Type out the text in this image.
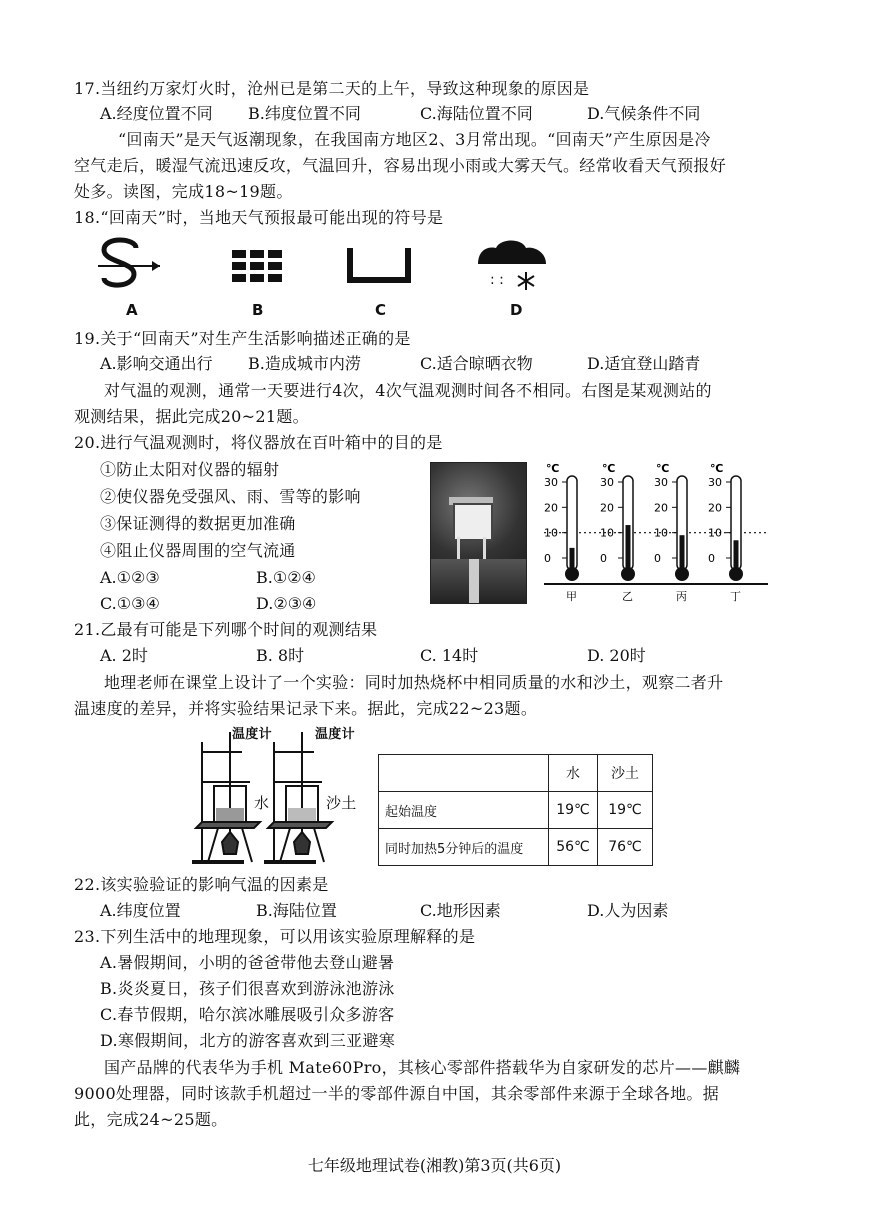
17.当纽约万家灯火时，沧州已是第二天的上午，导致这种现象的原因是
A.经度位置不同 B.纬度位置不同	C.海陆位置不同	D.气候条件不同
“回南天”是天气返潮现象，在我国南方地区2、3月常出现。“回南天”产生原因是冷
空气走后，暖湿气流迅速反攻，气温回升，容易出现小雨或大雾天气。经常收看天气预报好
处多。读图，完成18~19题。
18.“回南天”时，当地天气预报最可能出现的符号是
: :
A	B	C	D
19.关于“回南天”对生产生活影响描述正确的是
A.影响交通出行 B.造成城市内涝	C.适合晾晒衣物	D.适宜登山踏青
对气温的观测，通常一天要进行4次，4次气温观测时间各不相同。右图是某观测站的
观测结果，据此完成20~21题。
20.进行气温观测时，将仪器放在百叶箱中的目的是
①防止太阳对仪器的辐射
②使仪器免受强风、雨、雪等的影响
③保证测得的数据更加准确
④阻止仪器周围的空气流通
A.①②③	B.①②④
C.①③④	D.②③④
℃
30
20
10
0
甲
℃
30
20
10
0
乙
℃
30
20
10
0
丙
℃
30
20
10
0
丁
21.乙最有可能是下列哪个时间的观测结果
A. 2时	B. 8时	C. 14时	D. 20时
地理老师在课堂上设计了一个实验：同时加热烧杯中相同质量的水和沙土，观察二者升
温速度的差异，并将实验结果记录下来。据此，完成22~23题。
温度计	温度计
水	沙土
	水	沙土
起始温度	19℃	19℃
同时加热5分钟后的温度	56℃	76℃
22.该实验验证的影响气温的因素是
A.纬度位置	B.海陆位置	C.地形因素	D.人为因素
23.下列生活中的地理现象，可以用该实验原理解释的是
A.暑假期间，小明的爸爸带他去登山避暑
B.炎炎夏日，孩子们很喜欢到游泳池游泳
C.春节假期，哈尔滨冰雕展吸引众多游客
D.寒假期间，北方的游客喜欢到三亚避寒
国产品牌的代表华为手机 Mate60Pro，其核心零部件搭载华为自家研发的芯片——麒麟
9000处理器，同时该款手机超过一半的零部件源自中国，其余零部件来源于全球各地。据
此，完成24~25题。
七年级地理试卷(湘教)第3页(共6页)
